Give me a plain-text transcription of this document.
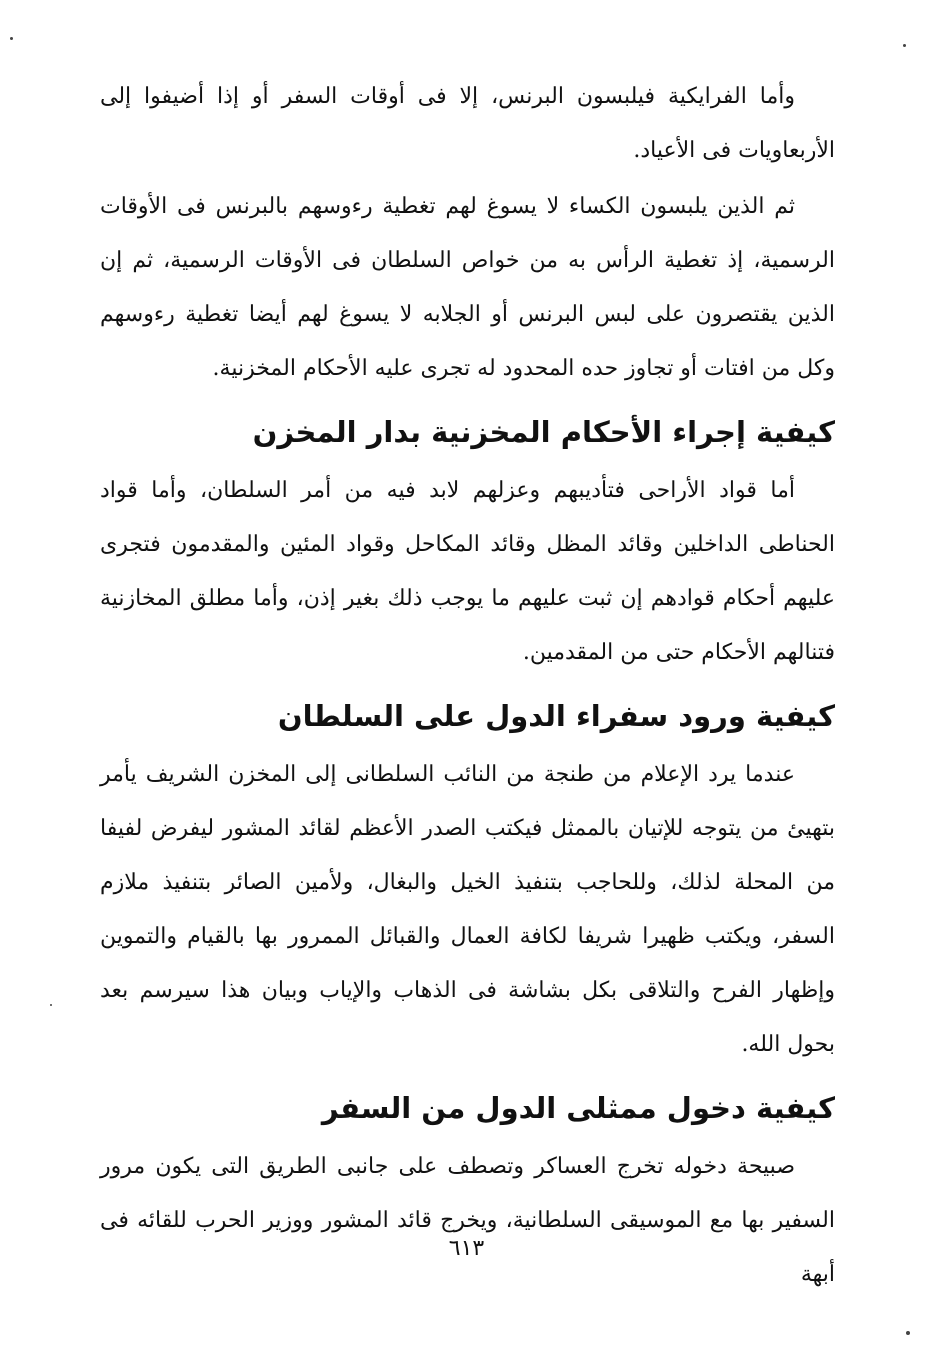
وأما الفرايكية فيلبسون البرنس، إلا فى أوقات السفر أو إذا أضيفوا إلى الأربعاويات فى الأعياد.

ثم الذين يلبسون الكساء لا يسوغ لهم تغطية رءوسهم بالبرنس فى الأوقات الرسمية، إذ تغطية الرأس به من خواص السلطان فى الأوقات الرسمية، ثم إن الذين يقتصرون على لبس البرنس أو الجلابه لا يسوغ لهم أيضا تغطية رءوسهم وكل من افتات أو تجاوز حده المحدود له تجرى عليه الأحكام المخزنية.

كيفية إجراء الأحكام المخزنية بدار المخزن

أما قواد الأراحى فتأديبهم وعزلهم لابد فيه من أمر السلطان، وأما قواد الحناطى الداخلين وقائد المظل وقائد المكاحل وقواد المئين والمقدمون فتجرى عليهم أحكام قوادهم إن ثبت عليهم ما يوجب ذلك بغير إذن، وأما مطلق المخازنية فتنالهم الأحكام حتى من المقدمين.

كيفية ورود سفراء الدول على السلطان

عندما يرد الإعلام من طنجة من النائب السلطانى إلى المخزن الشريف يأمر بتهيئ من يتوجه للإتيان بالممثل فيكتب الصدر الأعظم لقائد المشور ليفرض لفيفا من المحلة لذلك، وللحاجب بتنفيذ الخيل والبغال، ولأمين الصائر بتنفيذ ملازم السفر، ويكتب ظهيرا شريفا لكافة العمال والقبائل الممرور بها بالقيام والتموين وإظهار الفرح والتلاقى بكل بشاشة فى الذهاب والإياب وبيان هذا سيرسم بعد بحول الله.

كيفية دخول ممثلى الدول من السفر

صبيحة دخوله تخرج العساكر وتصطف على جانبى الطريق التى يكون مرور السفير بها مع الموسيقى السلطانية، ويخرج قائد المشور ووزير الحرب للقائه فى أبهة

٦١٣
